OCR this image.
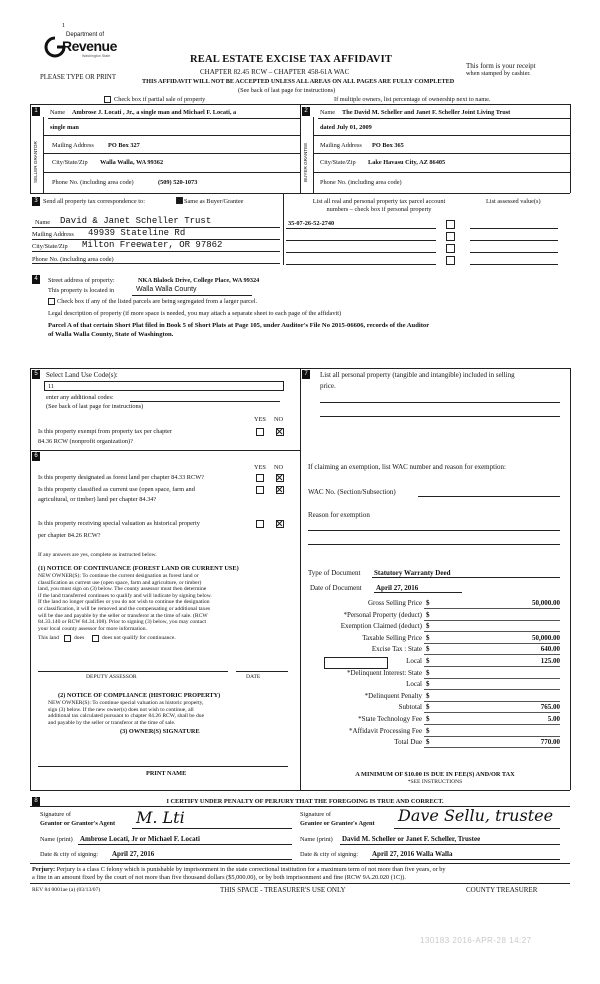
1
Department of
Revenue
Washington State
PLEASE TYPE OR PRINT
REAL ESTATE EXCISE TAX AFFIDAVIT
CHAPTER 82.45 RCW – CHAPTER 458-61A WAC
THIS AFFIDAVIT WILL NOT BE ACCEPTED UNLESS ALL AREAS ON ALL PAGES ARE FULLY COMPLETED
(See back of last page for instructions)
This form is your receipt
when stamped by cashier.
Check box if partial sale of property	If multiple owners, list percentage of ownership next to name.
1
SELLER GRANTOR
Name Ambrose J. Locati , Jr., a single man and Michael F. Locati, a
single man
Mailing Address PO Box 327
City/State/Zip Walla Walla, WA 99362
Phone No. (including area code)	(509) 520-1073
2
BUYER GRANTEE
Name The David M. Scheller and Janet F. Scheller Joint Living Trust
dated July 01, 2009
Mailing Address PO Box 365
City/State/Zip Lake Havasu City, AZ 86405
Phone No. (including area code)
3 Send all property tax correspondence to:	Same as Buyer/Grantee
Name David & Janet Scheller Trust
Mailing Address 49939 Stateline Rd
City/State/Zip Milton Freewater, OR 97862
Phone No. (including area code)
List all real and personal property tax parcel account
numbers – check box if personal property
List assessed value(s)
35-07-26-52-2740
4	Street address of property:	NKA Blalock Drive, College Place, WA 99324
This property is located in	Walla Walla County
Check box if any of the listed parcels are being segregated from a larger parcel.
Legal description of property (if more space is needed, you may attach a separate sheet to each page of the affidavit)
Parcel A of that certain Short Plat filed in Book 5 of Short Plats at Page 105, under Auditor's File No 2015-06606, records of the Auditor
of Walla Walla County, State of Washington.
5	Select Land Use Code(s):
11
enter any additional codes:
(See back of last page for instructions)
YES NO
Is this property exempt from property tax per chapter
84.36 RCW (nonprofit organization)?
6
YES NO
Is this property designated as forest land per chapter 84.33 RCW?
Is this property classified as current use (open space, farm and
agricultural, or timber) land per chapter 84.34?
Is this property receiving special valuation as historical property
per chapter 84.26 RCW?
If any answers are yes, complete as instructed below.
(1) NOTICE OF CONTINUANCE (FOREST LAND OR CURRENT USE)
NEW OWNER(S): To continue the current designation as forest land or
classification as current use (open space, farm and agriculture, or timber)
land, you must sign on (3) below. The county assessor must then determine
if the land transferred continues to qualify and will indicate by signing below.
If the land no longer qualifies or you do not wish to continue the designation
or classification, it will be removed and the compensating or additional taxes
will be due and payable by the seller or transferor at the time of sale. (RCW
84.33.140 or RCW 84.34.108). Prior to signing (3) below, you may contact
your local county assessor for more information.
This land	does	does not qualify for continuance.
DEPUTY ASSESSOR	DATE
(2) NOTICE OF COMPLIANCE (HISTORIC PROPERTY)
NEW OWNER(S): To continue special valuation as historic property,
sign (3) below. If the new owner(s) does not wish to continue, all
additional tax calculated pursuant to chapter 84.26 RCW, shall be due
and payable by the seller or transferor at the time of sale.
(3) OWNER(S) SIGNATURE
PRINT NAME
7	List all personal property (tangible and intangible) included in selling
price.
If claiming an exemption, list WAC number and reason for exemption:
WAC No. (Section/Subsection)
Reason for exemption
Type of Document Statutory Warranty Deed
Date of Document April 27, 2016
Gross Selling Price $	50,000.00
*Personal Property (deduct) $
Exemption Claimed (deduct) $
Taxable Selling Price $	50,000.00
Excise Tax : State $	640.00
Local $	125.00
*Delinquent Interest: State $
Local $
*Delinquent Penalty $
Subtotal $	765.00
*State Technology Fee $	5.00
*Affidavit Processing Fee $
Total Due $	770.00
A MINIMUM OF $10.00 IS DUE IN FEE(S) AND/OR TAX
*SEE INSTRUCTIONS
8	I CERTIFY UNDER PENALTY OF PERJURY THAT THE FOREGOING IS TRUE AND CORRECT.
Signature of
Grantor or Grantor's Agent M. Lti
Name (print) Ambrose Locati, Jr or Michael F. Locati
Date & city of signing: April 27, 2016
Signature of
Grantee or Grantee's Agent Dave Sellu, trustee
Name (print) David M. Scheller or Janet F. Scheller, Trustee
Date & city of signing: April 27, 2016 Walla Walla
Perjury: Perjury is a class C felony which is punishable by imprisonment in the state correctional institution for a maximum term of not more than five years, or by
a fine in an amount fixed by the court of not more than five thousand dollars ($5,000.00), or by both imprisonment and fine (RCW 9A.20.020 (1C)).
REV 84 0001ae (a) (03/13/07)	THIS SPACE - TREASURER'S USE ONLY	COUNTY TREASURER
130183 2016-APR-28 14:27
